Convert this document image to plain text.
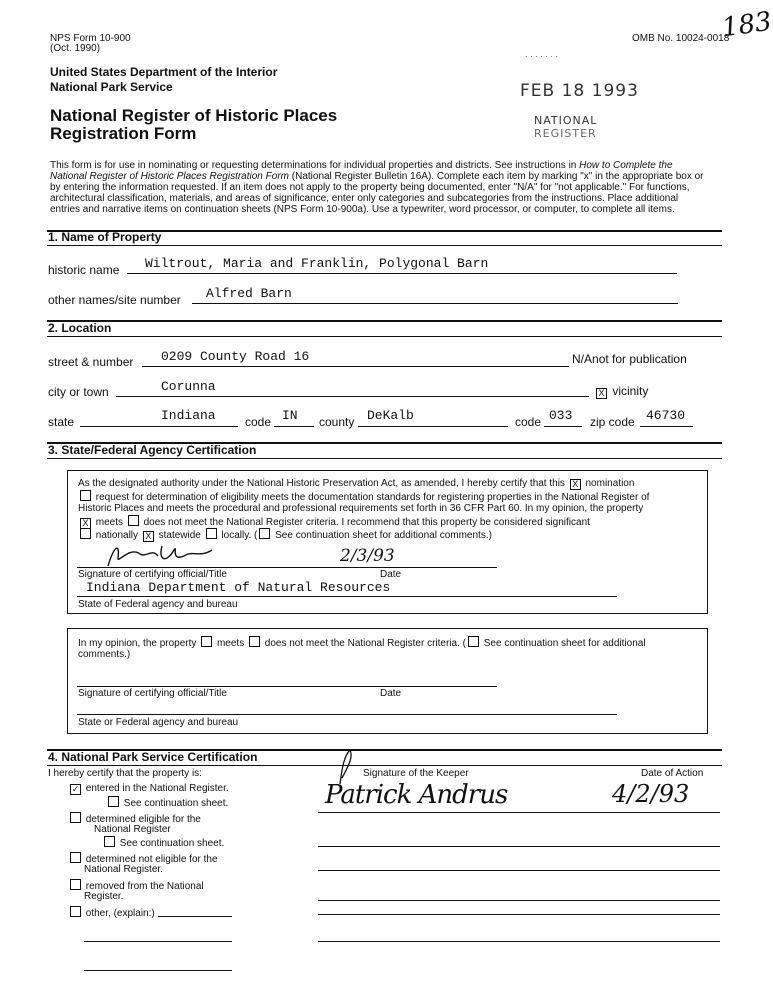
NPS Form 10-900
(Oct. 1990)
OMB No. 10024-0018
183
United States Department of the Interior
National Park Service
National Register of Historic Places
Registration Form
. . . . . . .
FEB 18 1993
NATIONAL
REGISTER
This form is for use in nominating or requesting determinations for individual properties and districts. See instructions in How to Complete the
National Register of Historic Places Registration Form (National Register Bulletin 16A). Complete each item by marking "x" in the appropriate box or
by entering the information requested. If an item does not apply to the property being documented, enter "N/A" for "not applicable." For functions,
architectural classification, materials, and areas of significance, enter only categories and subcategories from the instructions. Place additional
entries and narrative items on continuation sheets (NPS Form 10-900a). Use a typewriter, word processor, or computer, to complete all items.
1. Name of Property
historic name Wiltrout, Maria and Franklin, Polygonal Barn
other names/site number Alfred Barn
2. Location
street & number 0209 County Road 16	N/Anot for publication
city or town	Corunna	X vicinity
state	Indiana code IN county DeKalb	code 033 zip code 46730
3. State/Federal Agency Certification
As the designated authority under the National Historic Preservation Act, as amended, I hereby certify that this X nomination
request for determination of eligibility meets the documentation standards for registering properties in the National Register of
Historic Places and meets the procedural and professional requirements set forth in 36 CFR Part 60. In my opinion, the property
X meets does not meet the National Register criteria. I recommend that this property be considered significant
nationally X statewide locally. ( See continuation sheet for additional comments.)
2/3/93
Signature of certifying official/Title	Date
Indiana Department of Natural Resources
State of Federal agency and bureau
In my opinion, the property meets does not meet the National Register criteria. ( See continuation sheet for additional
comments.)
Signature of certifying official/Title	Date
State or Federal agency and bureau
4. National Park Service Certification
I hereby certify that the property is:	Signature of the Keeper	Date of Action
Patrick Andrus	4/2/93
✓ entered in the National Register.
See continuation sheet.
determined eligible for the
National Register
See continuation sheet.
determined not eligible for the
National Register.
removed from the National
Register.
other, (explain:)
